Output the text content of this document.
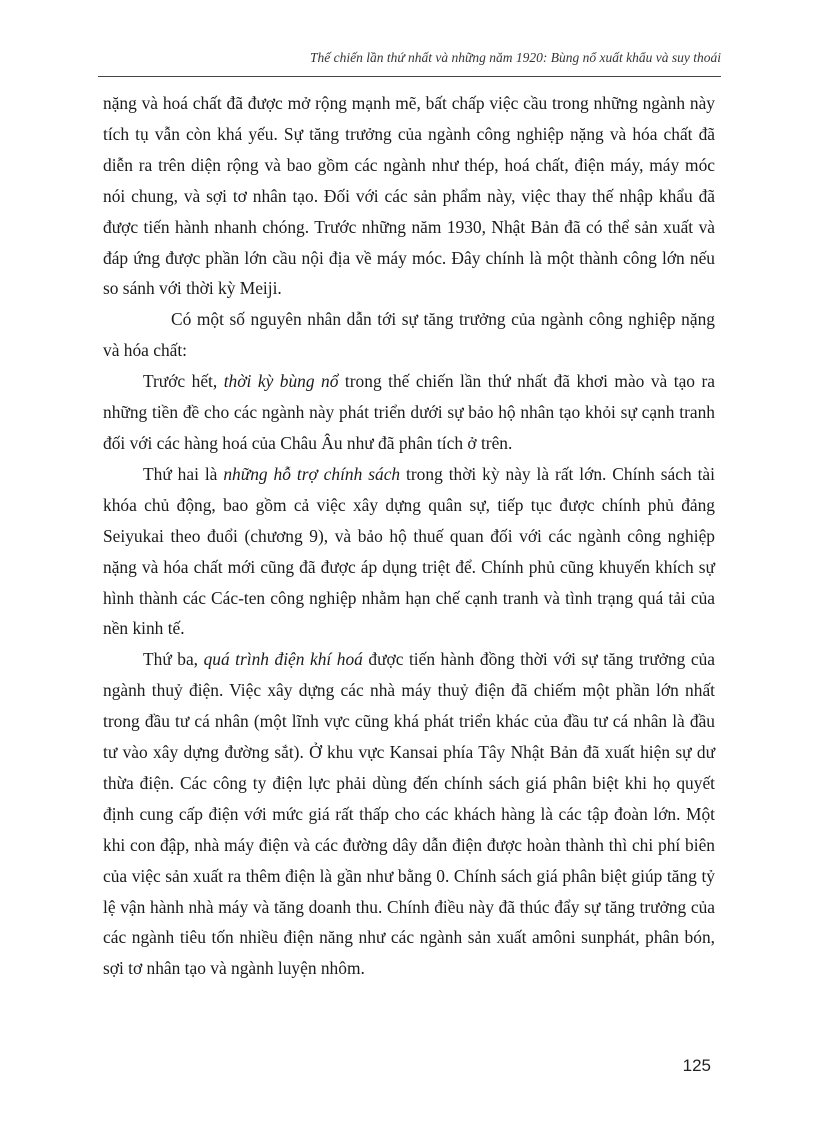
Thế chiến lần thứ nhất và những năm 1920: Bùng nổ xuất khẩu và suy thoái

nặng và hoá chất đã được mở rộng mạnh mẽ, bất chấp việc cầu trong những ngành này tích tụ vẫn còn khá yếu. Sự tăng trưởng của ngành công nghiệp nặng và hóa chất đã diễn ra trên diện rộng và bao gồm các ngành như thép, hoá chất, điện máy, máy móc nói chung, và sợi tơ nhân tạo. Đối với các sản phẩm này, việc thay thế nhập khẩu đã được tiến hành nhanh chóng. Trước những năm 1930, Nhật Bản đã có thể sản xuất và đáp ứng được phần lớn cầu nội địa về máy móc. Đây chính là một thành công lớn nếu so sánh với thời kỳ Meiji.

Có một số nguyên nhân dẫn tới sự tăng trưởng của ngành công nghiệp nặng và hóa chất:

Trước hết, thời kỳ bùng nổ trong thế chiến lần thứ nhất đã khơi mào và tạo ra những tiền đề cho các ngành này phát triển dưới sự bảo hộ nhân tạo khỏi sự cạnh tranh đối với các hàng hoá của Châu Âu như đã phân tích ở trên.

Thứ hai là những hỗ trợ chính sách trong thời kỳ này là rất lớn. Chính sách tài khóa chủ động, bao gồm cả việc xây dựng quân sự, tiếp tục được chính phủ đảng Seiyukai theo đuổi (chương 9), và bảo hộ thuế quan đối với các ngành công nghiệp nặng và hóa chất mới cũng đã được áp dụng triệt để. Chính phủ cũng khuyến khích sự hình thành các Các-ten công nghiệp nhằm hạn chế cạnh tranh và tình trạng quá tải của nền kinh tế.

Thứ ba, quá trình điện khí hoá được tiến hành đồng thời với sự tăng trưởng của ngành thuỷ điện. Việc xây dựng các nhà máy thuỷ điện đã chiếm một phần lớn nhất trong đầu tư cá nhân (một lĩnh vực cũng khá phát triển khác của đầu tư cá nhân là đầu tư vào xây dựng đường sắt). Ở khu vực Kansai phía Tây Nhật Bản đã xuất hiện sự dư thừa điện. Các công ty điện lực phải dùng đến chính sách giá phân biệt khi họ quyết định cung cấp điện với mức giá rất thấp cho các khách hàng là các tập đoàn lớn. Một khi con đập, nhà máy điện và các đường dây dẫn điện được hoàn thành thì chi phí biên của việc sản xuất ra thêm điện là gần như bằng 0. Chính sách giá phân biệt giúp tăng tỷ lệ vận hành nhà máy và tăng doanh thu. Chính điều này đã thúc đẩy sự tăng trưởng của các ngành tiêu tốn nhiều điện năng như các ngành sản xuất amôni sunphát, phân bón, sợi tơ nhân tạo và ngành luyện nhôm.

125
